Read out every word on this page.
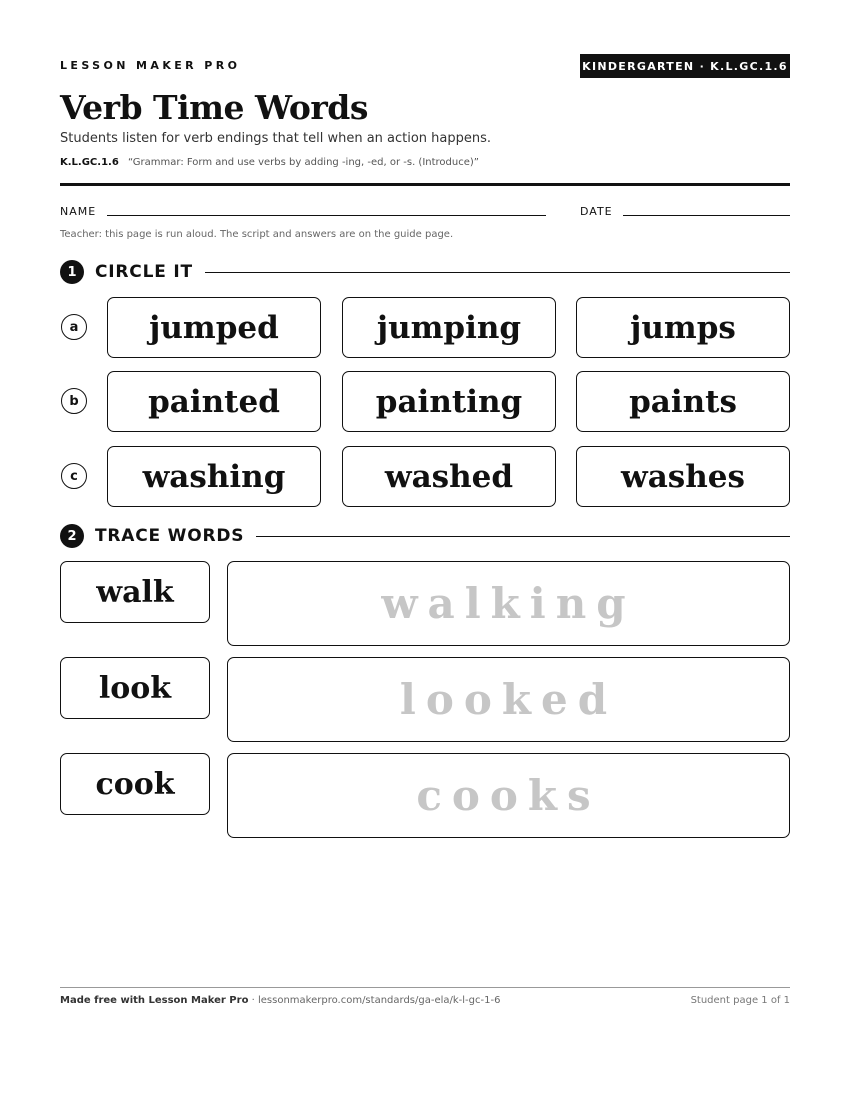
LESSON MAKER PRO	KINDERGARTEN · K.L.GC.1.6
Verb Time Words
Students listen for verb endings that tell when an action happens.
K.L.GC.1.6 “Grammar: Form and use verbs by adding -ing, -ed, or -s. (Introduce)”
NAME	DATE
Teacher: this page is run aloud. The script and answers are on the guide page.
1	CIRCLE IT
a	jumped	jumping	jumps
b	painted	painting	paints
c	washing	washed	washes
2	TRACE WORDS
walk	walking
look	looked
cook	cooks
Made free with Lesson Maker Pro · lessonmakerpro.com/standards/ga-ela/k-l-gc-1-6	Student page 1 of 1
